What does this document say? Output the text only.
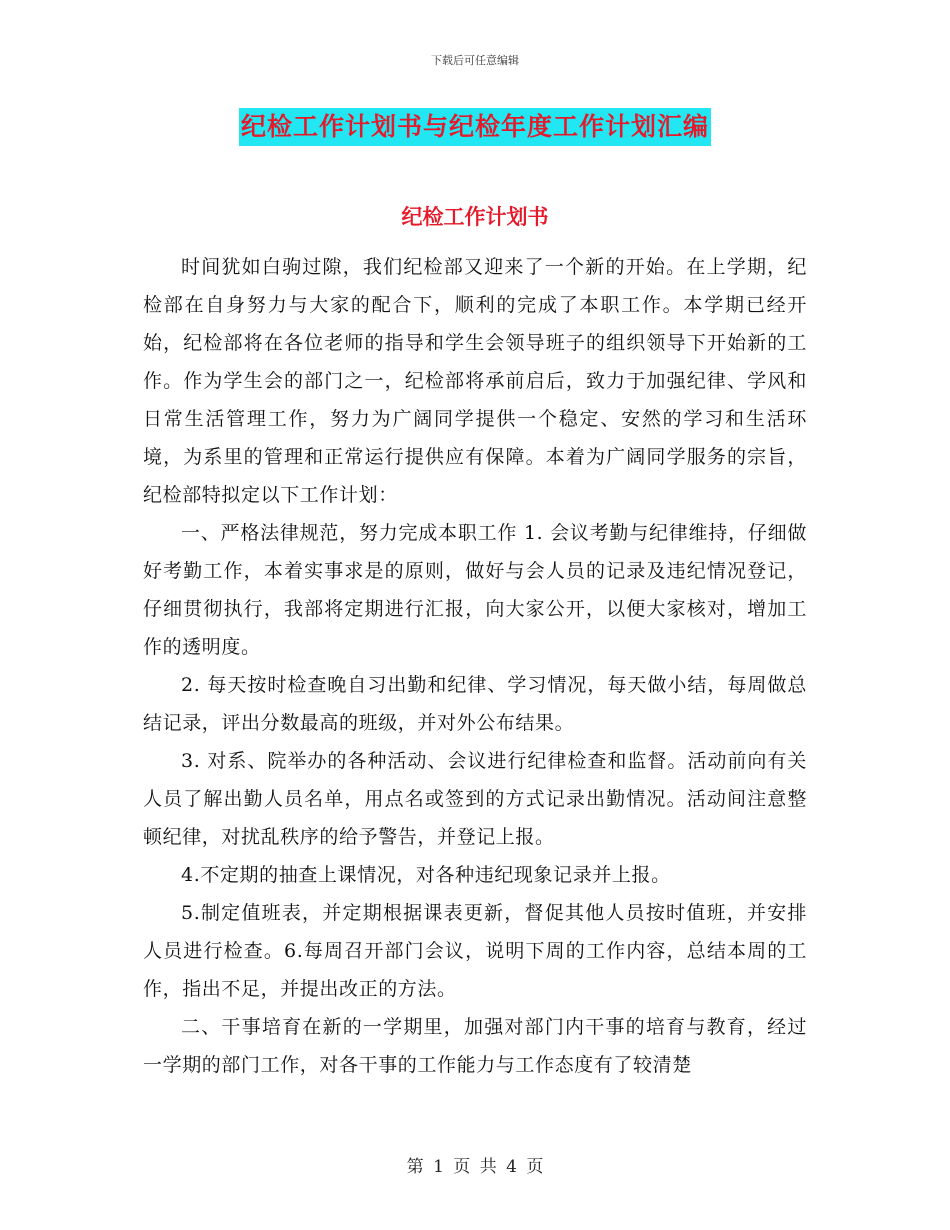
下载后可任意编辑
纪检工作计划书与纪检年度工作计划汇编
纪检工作计划书

时间犹如白驹过隙，我们纪检部又迎来了一个新的开始。在上学期，纪检部在自身努力与大家的配合下，顺利的完成了本职工作。本学期已经开始，纪检部将在各位老师的指导和学生会领导班子的组织领导下开始新的工作。作为学生会的部门之一，纪检部将承前启后，致力于加强纪律、学风和日常生活管理工作，努力为广阔同学提供一个稳定、安然的学习和生活环境，为系里的管理和正常运行提供应有保障。本着为广阔同学服务的宗旨，纪检部特拟定以下工作计划：

一、严格法律规范，努力完成本职工作 1. 会议考勤与纪律维持，仔细做好考勤工作，本着实事求是的原则，做好与会人员的记录及违纪情况登记，仔细贯彻执行，我部将定期进行汇报，向大家公开，以便大家核对，增加工作的透明度。

2. 每天按时检查晚自习出勤和纪律、学习情况，每天做小结，每周做总结记录，评出分数最高的班级，并对外公布结果。

3. 对系、院举办的各种活动、会议进行纪律检查和监督。活动前向有关人员了解出勤人员名单，用点名或签到的方式记录出勤情况。活动间注意整顿纪律，对扰乱秩序的给予警告，并登记上报。

4.不定期的抽查上课情况，对各种违纪现象记录并上报。

5.制定值班表，并定期根据课表更新，督促其他人员按时值班，并安排人员进行检查。6.每周召开部门会议，说明下周的工作内容，总结本周的工作，指出不足，并提出改正的方法。

二、干事培育在新的一学期里，加强对部门内干事的培育与教育，经过一学期的部门工作，对各干事的工作能力与工作态度有了较清楚

第 1 页 共 4 页
